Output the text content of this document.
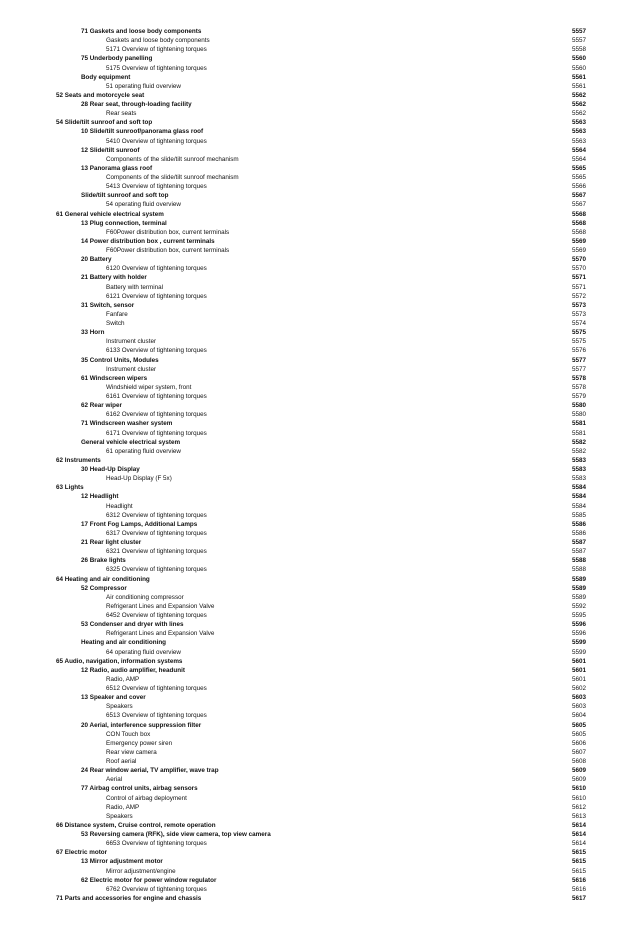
71 Gaskets and loose body components	5557
Gaskets and loose body components	5557
5171 Overview of tightening torques	5558
75 Underbody panelling	5560
5175 Overview of tightening torques	5560
Body equipment	5561
51 operating fluid overview	5561
52 Seats and motorcycle seat	5562
28 Rear seat, through-loading facility	5562
Rear seats	5562
54 Slide/tilt sunroof and soft top	5563
10 Slide/tilt sunroof/panorama glass roof	5563
5410 Overview of tightening torques	5563
12 Slide/tilt sunroof	5564
Components of the slide/tilt sunroof mechanism	5564
13 Panorama glass roof	5565
Components of the slide/tilt sunroof mechanism	5565
5413 Overview of tightening torques	5566
Slide/tilt sunroof and soft top	5567
54 operating fluid overview	5567
61 General vehicle electrical system	5568
13 Plug connection, terminal	5568
F60Power distribution box, current terminals	5568
14 Power distribution box , current terminals	5569
F60Power distribution box, current terminals	5569
20 Battery	5570
6120 Overview of tightening torques	5570
21 Battery with holder	5571
Battery with terminal	5571
6121 Overview of tightening torques	5572
31 Switch, sensor	5573
Fanfare	5573
Switch	5574
33 Horn	5575
Instrument cluster	5575
6133 Overview of tightening torques	5576
35 Control Units, Modules	5577
Instrument cluster	5577
61 Windscreen wipers	5578
Windshield wiper system, front	5578
6161 Overview of tightening torques	5579
62 Rear wiper	5580
6162 Overview of tightening torques	5580
71 Windscreen washer system	5581
6171 Overview of tightening torques	5581
General vehicle electrical system	5582
61 operating fluid overview	5582
62 Instruments	5583
30 Head-Up Display	5583
Head-Up Display (F 5x)	5583
63 Lights	5584
12 Headlight	5584
Headlight	5584
6312 Overview of tightening torques	5585
17 Front Fog Lamps, Additional Lamps	5586
6317 Overview of tightening torques	5586
21 Rear light cluster	5587
6321 Overview of tightening torques	5587
26 Brake lights	5588
6325 Overview of tightening torques	5588
64 Heating and air conditioning	5589
52 Compressor	5589
Air conditioning compressor	5589
Refrigerant Lines and Expansion Valve	5592
6452 Overview of tightening torques	5595
53 Condenser and dryer with lines	5596
Refrigerant Lines and Expansion Valve	5596
Heating and air conditioning	5599
64 operating fluid overview	5599
65 Audio, navigation, information systems	5601
12 Radio, audio amplifier, headunit	5601
Radio, AMP	5601
6512 Overview of tightening torques	5602
13 Speaker and cover	5603
Speakers	5603
6513 Overview of tightening torques	5604
20 Aerial, interference suppression filter	5605
CON Touch box	5605
Emergency power siren	5606
Rear view camera	5607
Roof aerial	5608
24 Rear window aerial, TV amplifier, wave trap	5609
Aerial	5609
77 Airbag control units, airbag sensors	5610
Control of airbag deployment	5610
Radio, AMP	5612
Speakers	5613
66 Distance system, Cruise control, remote operation	5614
53 Reversing camera (RFK), side view camera, top view camera	5614
6653 Overview of tightening torques	5614
67 Electric motor	5615
13 Mirror adjustment motor	5615
Mirror adjustment/engine	5615
62 Electric motor for power window regulator	5616
6762 Overview of tightening torques	5616
71 Parts and accessories for engine and chassis	5617
